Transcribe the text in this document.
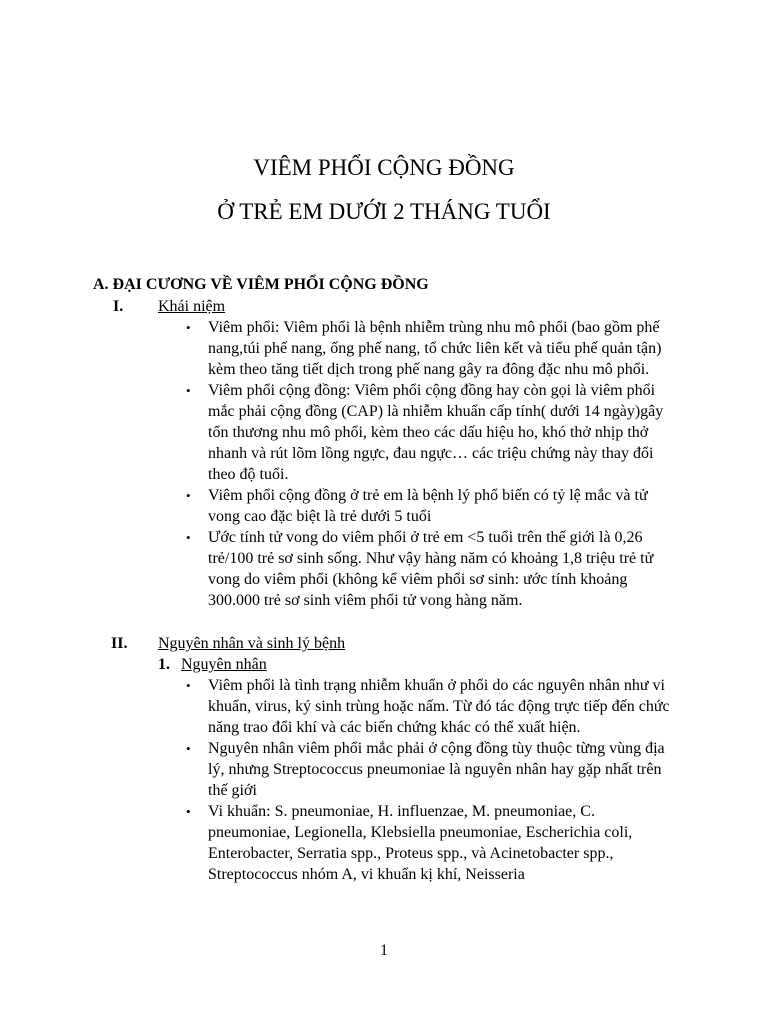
VIÊM PHỔI CỘNG ĐỒNG
Ở TRẺ EM DƯỚI 2 THÁNG TUỔI
A. ĐẠI CƯƠNG VỀ VIÊM PHỔI CỘNG ĐỒNG
I. Khái niệm
• Viêm phổi: Viêm phổi là bệnh nhiễm trùng nhu mô phổi (bao gồm phế nang,túi phế nang, ống phế nang, tổ chức liên kết và tiểu phế quản tận) kèm theo tăng tiết dịch trong phế nang gây ra đông đặc nhu mô phổi.
• Viêm phổi cộng đồng: Viêm phổi cộng đồng hay còn gọi là viêm phổi mắc phải cộng đồng (CAP) là nhiễm khuẩn cấp tính( dưới 14 ngày)gây tổn thương nhu mô phổi, kèm theo các dấu hiệu ho, khó thở nhịp thở nhanh và rút lõm lồng ngực, đau ngực… các triệu chứng này thay đổi theo độ tuổi.
• Viêm phổi cộng đồng ở trẻ em là bệnh lý phổ biến có tỷ lệ mắc và tử vong cao đặc biệt là trẻ dưới 5 tuổi
• Ước tính tử vong do viêm phổi ở trẻ em <5 tuổi trên thế giới là 0,26 trẻ/100 trẻ sơ sinh sống. Như vậy hàng năm có khoảng 1,8 triệu trẻ tử vong do viêm phổi (không kể viêm phổi sơ sinh: ước tính khoảng 300.000 trẻ sơ sinh viêm phổi tử vong hàng năm.
II. Nguyên nhân và sinh lý bệnh
1. Nguyên nhân
• Viêm phổi là tình trạng nhiễm khuẩn ở phổi do các nguyên nhân như vi khuẩn, virus, ký sinh trùng hoặc nấm. Từ đó tác động trực tiếp đến chức năng trao đổi khí và các biến chứng khác có thể xuất hiện.
• Nguyên nhân viêm phổi mắc phải ở cộng đồng tùy thuộc từng vùng địa lý, nhưng Streptococcus pneumoniae là nguyên nhân hay gặp nhất trên thế giới
• Vi khuẩn: S. pneumoniae, H. influenzae, M. pneumoniae, C. pneumoniae, Legionella, Klebsiella pneumoniae, Escherichia coli, Enterobacter, Serratia spp., Proteus spp., và Acinetobacter spp., Streptococcus nhóm A, vi khuẩn kị khí, Neisseria
1
